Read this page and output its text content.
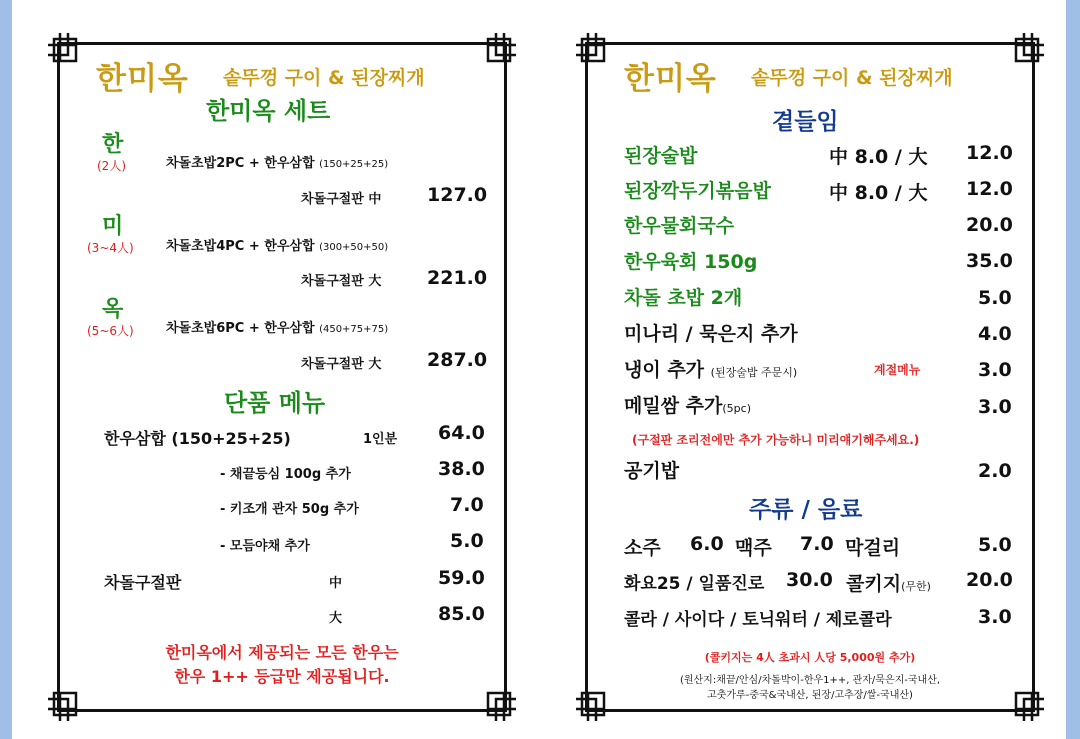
한미옥 솥뚜껑 구이 & 된장찌개
한미옥 세트
한
(2人)	차돌초밥2PC + 한우삼합 (150+25+25)
차돌구절판 中 127.0
미
(3~4人) 차돌초밥4PC + 한우삼합 (300+50+50)
차돌구절판 大 221.0
옥
(5~6人) 차돌초밥6PC + 한우삼합 (450+75+75)
차돌구절판 大 287.0
단품 메뉴
한우삼합 (150+25+25)	1인분 64.0
- 채끝등심 100g 추가	38.0
- 키조개 관자 50g 추가	7.0
- 모듬야채 추가	5.0
차돌구절판	中	59.0
大	85.0
한미옥에서 제공되는 모든 한우는
한우 1++ 등급만 제공됩니다.
한미옥 솥뚜껑 구이 & 된장찌개
곁들임
된장술밥	中 8.0 / 大 12.0
된장깍두기볶음밥	中 8.0 / 大 12.0
한우물회국수	20.0
한우육회 150g	35.0
차돌 초밥 2개	5.0
미나리 / 묵은지 추가	4.0
냉이 추가 (된장술밥 주문시)	계절메뉴	3.0
메밀쌈 추가(5pc)	3.0
(구절판 조리전에만 추가 가능하니 미리얘기해주세요.)
공기밥	2.0
주류 / 음료
소주 6.0 맥주 7.0 막걸리	5.0
화요25 / 일품진로 30.0 콜키지(무한) 20.0
콜라 / 사이다 / 토닉워터 / 제로콜라	3.0
(콜키지는 4人 초과시 人당 5,000원 추가)
(원산지:채끝/안심/차돌박이-한우1++, 관자/묵은지-국내산,
고춧가루-중국&국내산, 된장/고추장/쌀-국내산)
